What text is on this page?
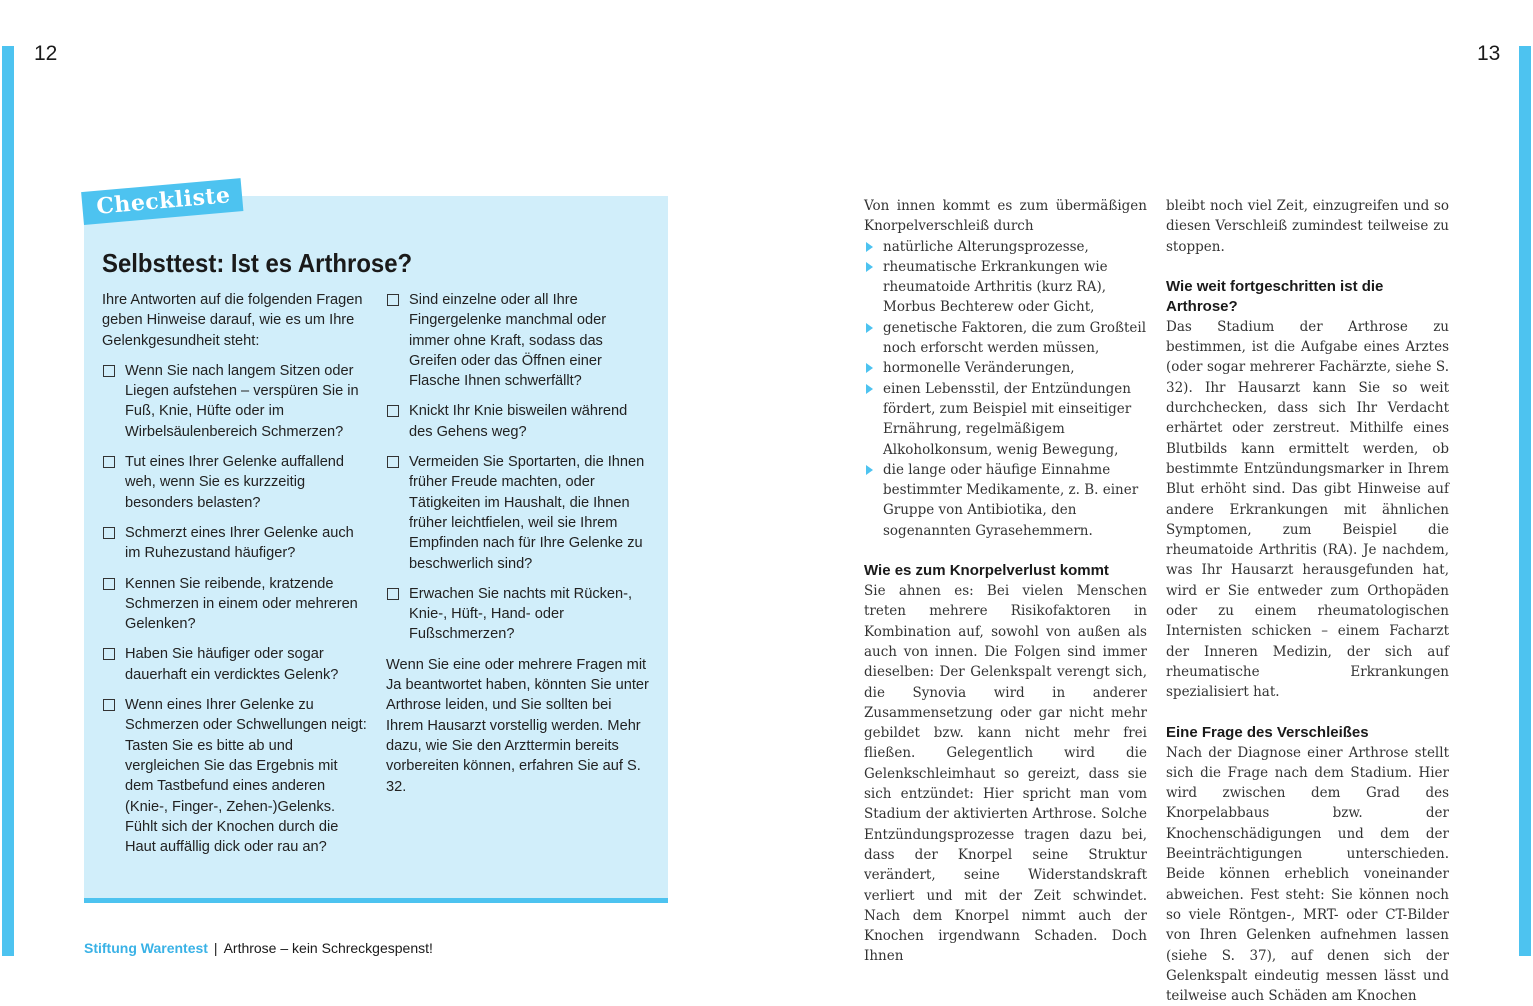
12	13
Checkliste
Selbsttest: Ist es Arthrose?

Ihre Antworten auf die folgenden Fragen geben Hinweise darauf, wie es um Ihre Gelenkgesundheit steht:

Wenn Sie nach langem Sitzen oder Liegen aufstehen – verspüren Sie in Fuß, Knie, Hüfte oder im Wirbelsäulenbereich Schmerzen?
Tut eines Ihrer Gelenke auffallend weh, wenn Sie es kurzzeitig besonders belasten?
Schmerzt eines Ihrer Gelenke auch im Ruhezustand häufiger?
Kennen Sie reibende, kratzende Schmerzen in einem oder mehreren Gelenken?
Haben Sie häufiger oder sogar dauerhaft ein verdicktes Gelenk?
Wenn eines Ihrer Gelenke zu Schmerzen oder Schwellungen neigt: Tasten Sie es bitte ab und vergleichen Sie das Ergebnis mit dem Tastbefund eines anderen (Knie-, Finger-, Zehen-)Gelenks. Fühlt sich der Knochen durch die Haut auffällig dick oder rau an?
Sind einzelne oder all Ihre Fingergelenke manchmal oder immer ohne Kraft, sodass das Greifen oder das Öffnen einer Flasche Ihnen schwerfällt?
Knickt Ihr Knie bisweilen während des Gehens weg?
Vermeiden Sie Sportarten, die Ihnen früher Freude machten, oder Tätigkeiten im Haushalt, die Ihnen früher leichtfielen, weil sie Ihrem Empfinden nach für Ihre Gelenke zu beschwerlich sind?
Erwachen Sie nachts mit Rücken-, Knie-, Hüft-, Hand- oder Fußschmerzen?

Wenn Sie eine oder mehrere Fragen mit Ja beantwortet haben, könnten Sie unter Arthrose leiden, und Sie sollten bei Ihrem Hausarzt vorstellig werden. Mehr dazu, wie Sie den Arzttermin bereits vorbereiten können, erfahren Sie auf S. 32.

Von innen kommt es zum übermäßigen Knorpelverschleiß durch

natürliche Alterungsprozesse,
rheumatische Erkrankungen wie rheumatoide Arthritis (kurz RA), Morbus Bechterew oder Gicht,
genetische Faktoren, die zum Großteil noch erforscht werden müssen,
hormonelle Veränderungen,
einen Lebensstil, der Entzündungen fördert, zum Beispiel mit einseitiger Ernährung, regelmäßigem Alkoholkonsum, wenig Bewegung,
die lange oder häufige Einnahme bestimmter Medikamente, z. B. einer Gruppe von Antibiotika, den sogenannten Gyrasehemmern.
Wie es zum Knorpelverlust kommt

Sie ahnen es: Bei vielen Menschen treten mehrere Risikofaktoren in Kombination auf, sowohl von außen als auch von innen. Die Folgen sind immer dieselben: Der Gelenkspalt verengt sich, die Synovia wird in anderer Zusammensetzung oder gar nicht mehr gebildet bzw. kann nicht mehr frei fließen. Gelegentlich wird die Gelenkschleimhaut so gereizt, dass sie sich entzündet: Hier spricht man vom Stadium der aktivierten Arthrose. Solche Entzündungsprozesse tragen dazu bei, dass der Knorpel seine Struktur verändert, seine Widerstandskraft verliert und mit der Zeit schwindet. Nach dem Knorpel nimmt auch der Knochen irgendwann Schaden. Doch Ihnen

bleibt noch viel Zeit, einzugreifen und so diesen Verschleiß zumindest teilweise zu stoppen.

Wie weit fortgeschritten ist die Arthrose?

Das Stadium der Arthrose zu bestimmen, ist die Aufgabe eines Arztes (oder sogar mehrerer Fachärzte, siehe S. 32). Ihr Hausarzt kann Sie so weit durchchecken, dass sich Ihr Verdacht erhärtet oder zerstreut. Mithilfe eines Blutbilds kann ermittelt werden, ob bestimmte Entzündungsmarker in Ihrem Blut erhöht sind. Das gibt Hinweise auf andere Erkrankungen mit ähnlichen Symptomen, zum Beispiel die rheumatoide Arthritis (RA). Je nachdem, was Ihr Hausarzt herausgefunden hat, wird er Sie entweder zum Orthopäden oder zu einem rheumatologischen Internisten schicken – einem Facharzt der Inneren Medizin, der sich auf rheumatische Erkrankungen spezialisiert hat.

Eine Frage des Verschleißes

Nach der Diagnose einer Arthrose stellt sich die Frage nach dem Stadium. Hier wird zwischen dem Grad des Knorpelabbaus bzw. der Knochenschädigungen und dem der Beeinträchtigungen unterschieden. Beide können erheblich voneinander abweichen. Fest steht: Sie können noch so viele Röntgen-, MRT- oder CT-Bilder von Ihren Gelenken aufnehmen lassen (siehe S. 37), auf denen sich der Gelenkspalt eindeutig messen lässt und teilweise auch Schäden am Knochen

Stiftung Warentest | Arthrose – kein Schreckgespenst!
